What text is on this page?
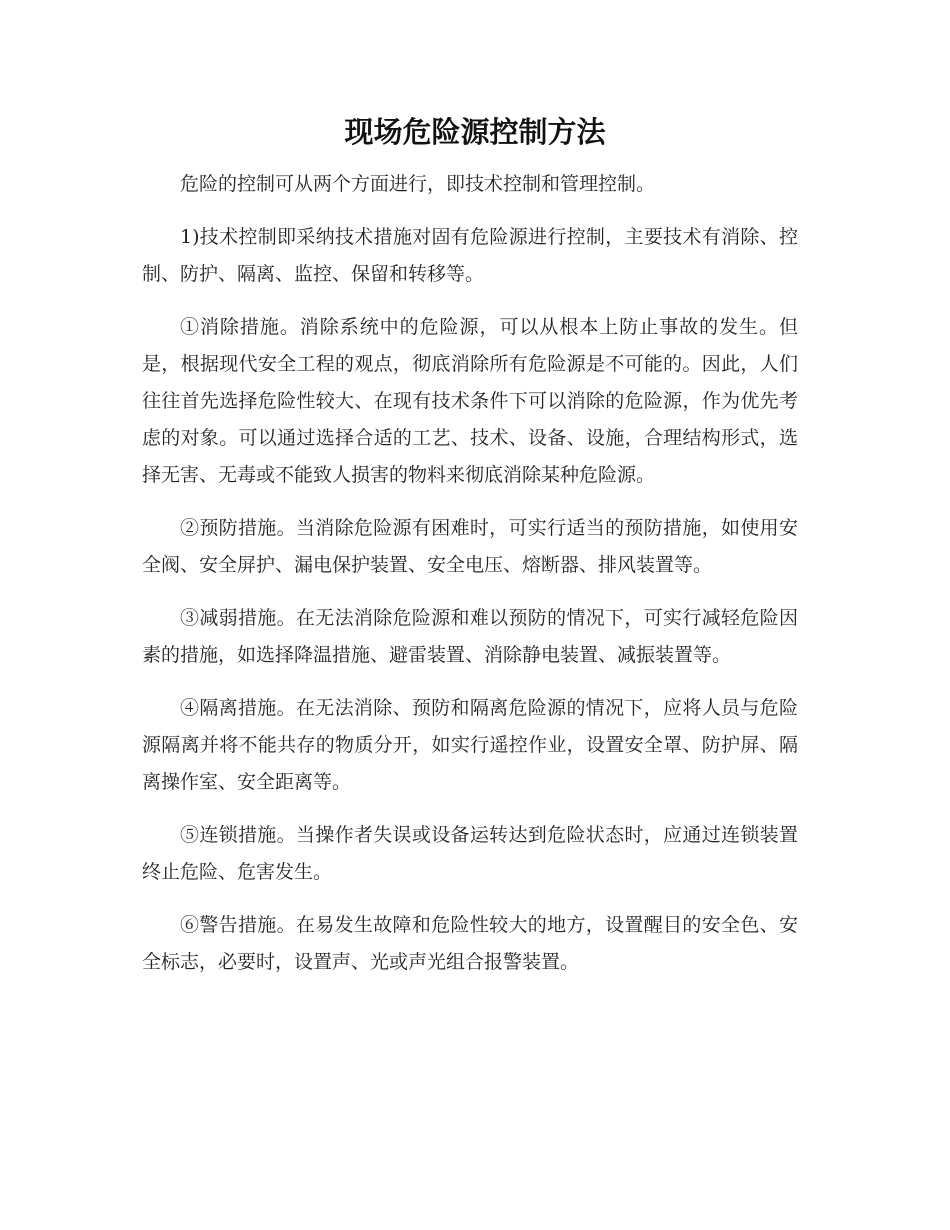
现场危险源控制方法

危险的控制可从两个方面进行，即技术控制和管理控制。

1)技术控制即采纳技术措施对固有危险源进行控制，主要技术有消除、控制、防护、隔离、监控、保留和转移等。

①消除措施。消除系统中的危险源，可以从根本上防止事故的发生。但是，根据现代安全工程的观点，彻底消除所有危险源是不可能的。因此，人们往往首先选择危险性较大、在现有技术条件下可以消除的危险源，作为优先考虑的对象。可以通过选择合适的工艺、技术、设备、设施，合理结构形式，选择无害、无毒或不能致人损害的物料来彻底消除某种危险源。

②预防措施。当消除危险源有困难时，可实行适当的预防措施，如使用安全阀、安全屏护、漏电保护装置、安全电压、熔断器、排风装置等。

③减弱措施。在无法消除危险源和难以预防的情况下，可实行减轻危险因素的措施，如选择降温措施、避雷装置、消除静电装置、减振装置等。

④隔离措施。在无法消除、预防和隔离危险源的情况下，应将人员与危险源隔离并将不能共存的物质分开，如实行遥控作业，设置安全罩、防护屏、隔离操作室、安全距离等。

⑤连锁措施。当操作者失误或设备运转达到危险状态时，应通过连锁装置终止危险、危害发生。

⑥警告措施。在易发生故障和危险性较大的地方，设置醒目的安全色、安全标志，必要时，设置声、光或声光组合报警装置。
